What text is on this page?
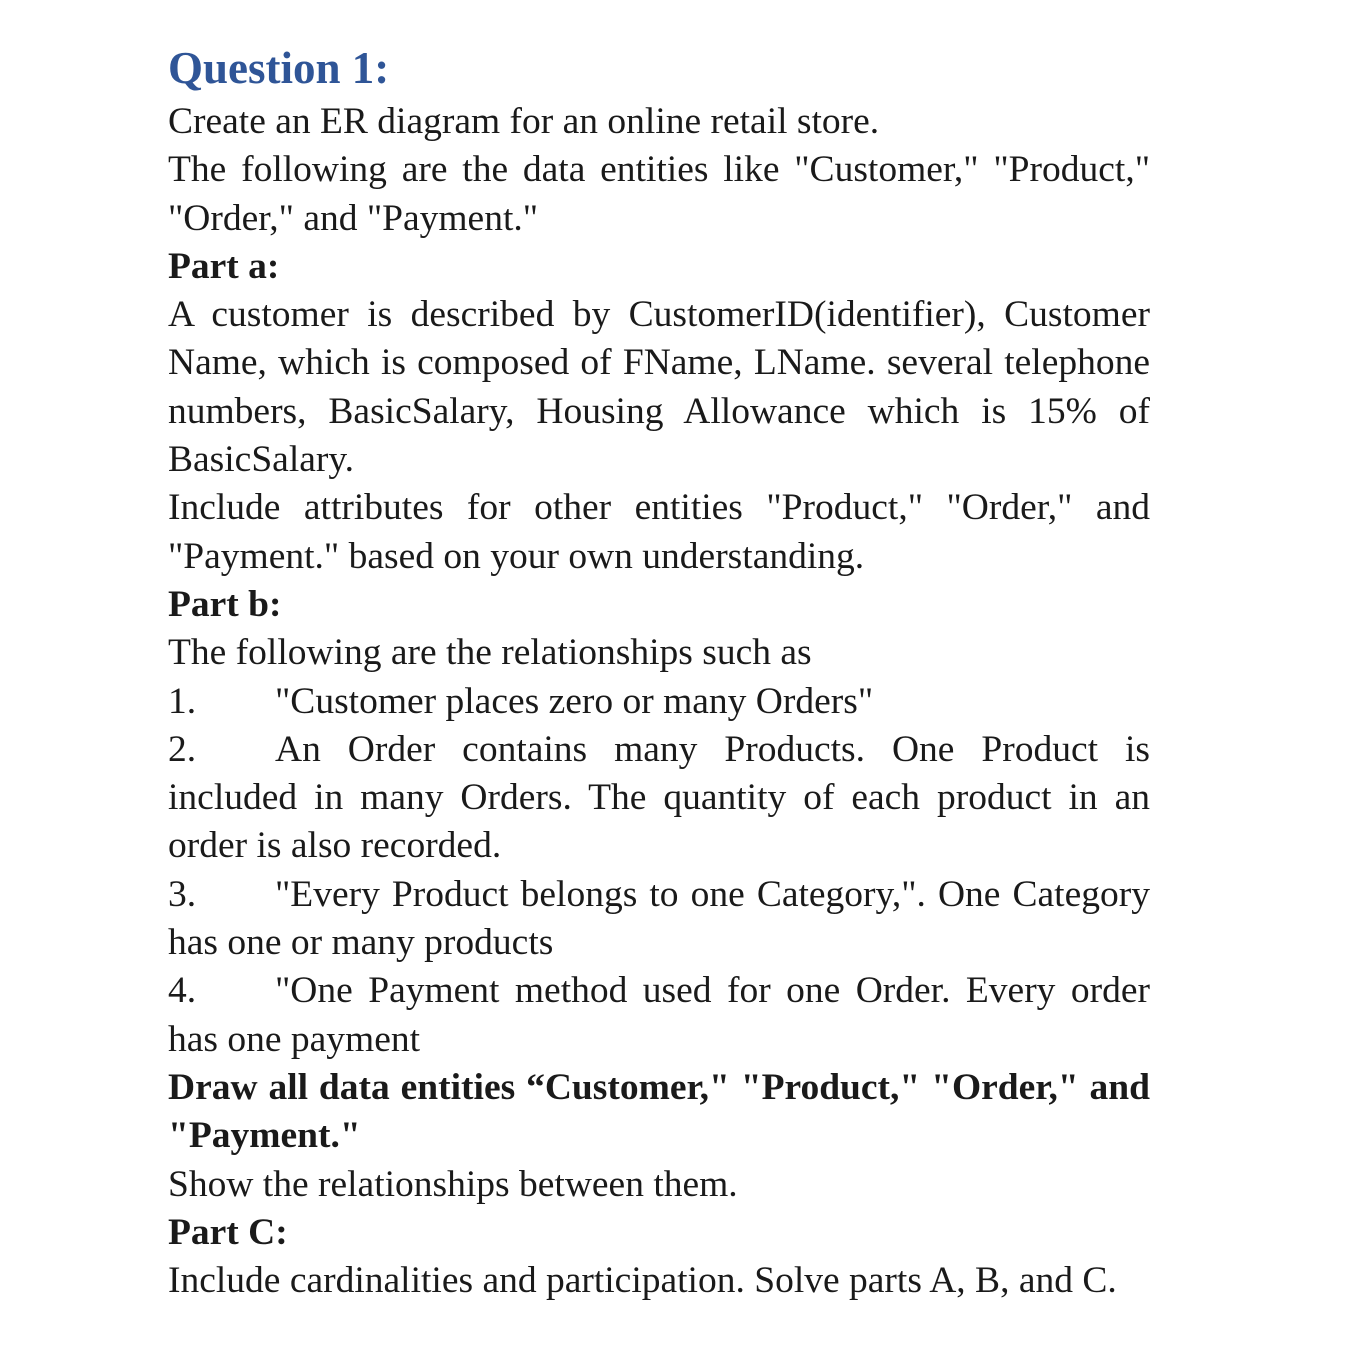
Question 1:
Create an ER diagram for an online retail store.
The following are the data entities like "Customer," "Product," "Order," and "Payment."
Part a:
A customer is described by CustomerID(identifier), Customer Name, which is composed of FName, LName. several telephone numbers, BasicSalary, Housing Allowance which is 15% of BasicSalary.
Include attributes for other entities "Product," "Order," and "Payment." based on your own understanding.
Part b:
The following are the relationships such as
1. "Customer places zero or many Orders"
2. An Order contains many Products. One Product is included in many Orders. The quantity of each product in an order is also recorded.
3. "Every Product belongs to one Category,". One Category has one or many products
4. "One Payment method used for one Order. Every order has one payment
Draw all data entities “Customer," "Product," "Order," and "Payment."
Show the relationships between them.
Part C:
Include cardinalities and participation. Solve parts A, B, and C.
